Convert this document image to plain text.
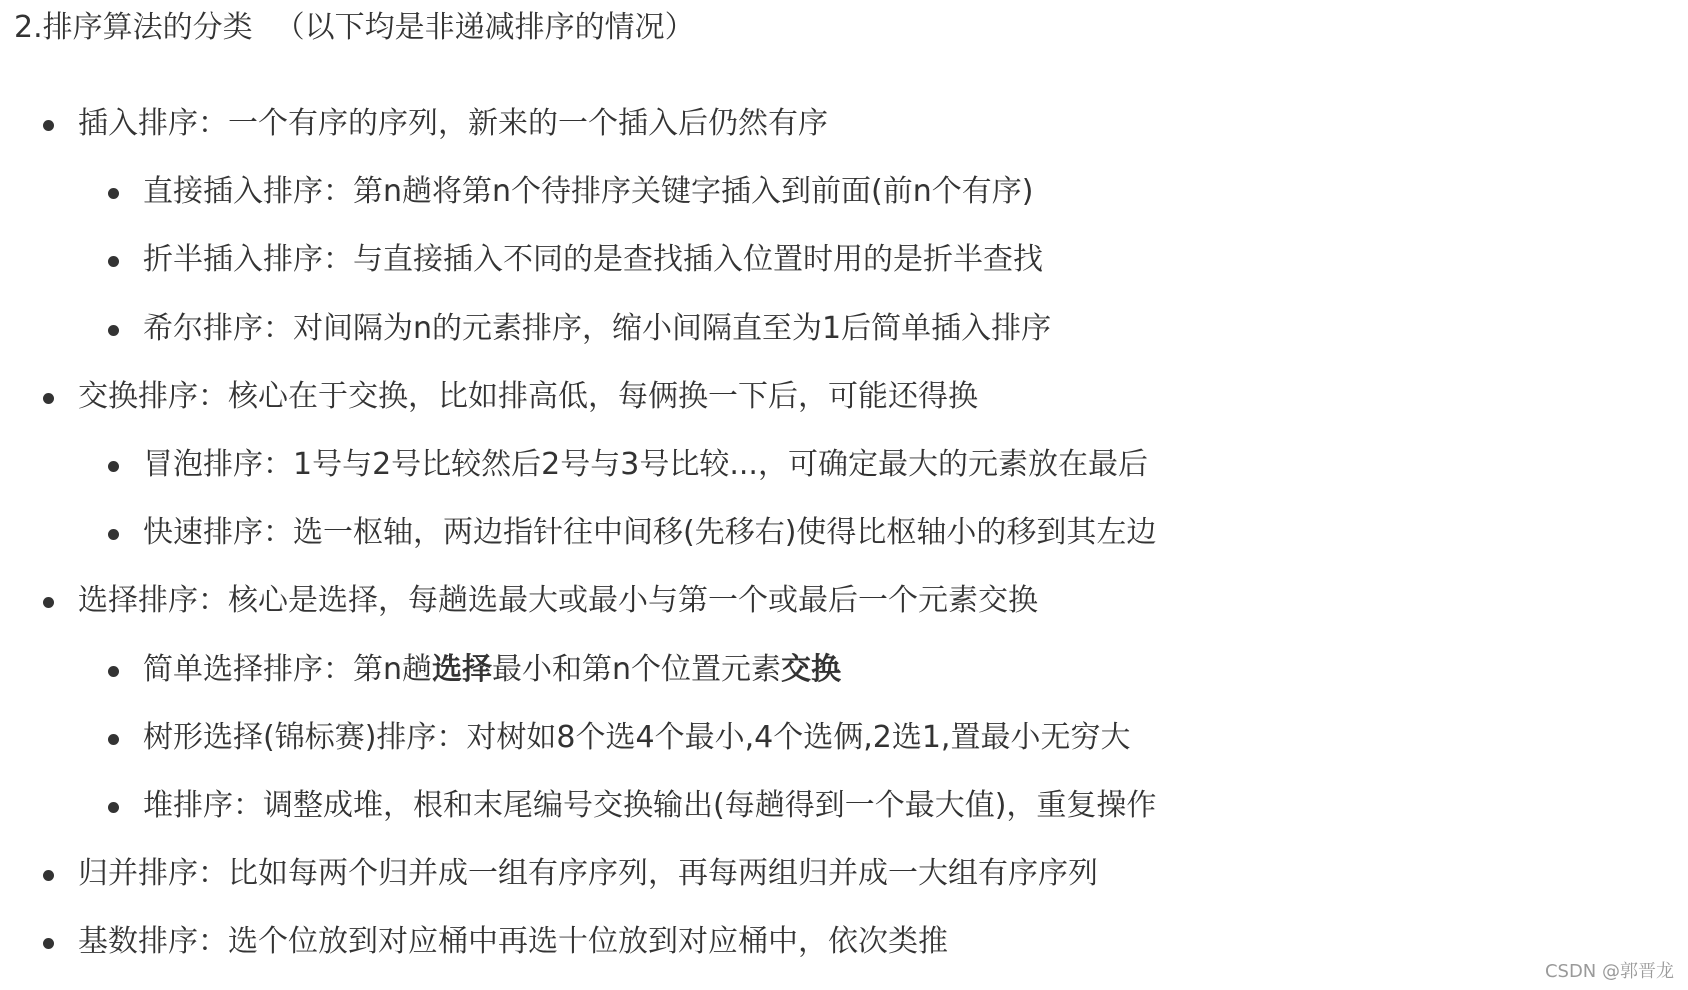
2.排序算法的分类 （以下均是非递减排序的情况）
插入排序：一个有序的序列，新来的一个插入后仍然有序
直接插入排序：第n趟将第n个待排序关键字插入到前面(前n个有序)
折半插入排序：与直接插入不同的是查找插入位置时用的是折半查找
希尔排序：对间隔为n的元素排序，缩小间隔直至为1后简单插入排序
交换排序：核心在于交换，比如排高低，每俩换一下后，可能还得换
冒泡排序：1号与2号比较然后2号与3号比较...，可确定最大的元素放在最后
快速排序：选一枢轴，两边指针往中间移(先移右)使得比枢轴小的移到其左边
选择排序：核心是选择，每趟选最大或最小与第一个或最后一个元素交换
简单选择排序：第n趟选择最小和第n个位置元素交换
树形选择(锦标赛)排序：对树如8个选4个最小,4个选俩,2选1,置最小无穷大
堆排序：调整成堆，根和末尾编号交换输出(每趟得到一个最大值)，重复操作
归并排序：比如每两个归并成一组有序序列，再每两组归并成一大组有序序列
基数排序：选个位放到对应桶中再选十位放到对应桶中，依次类推
CSDN @郭晋龙
